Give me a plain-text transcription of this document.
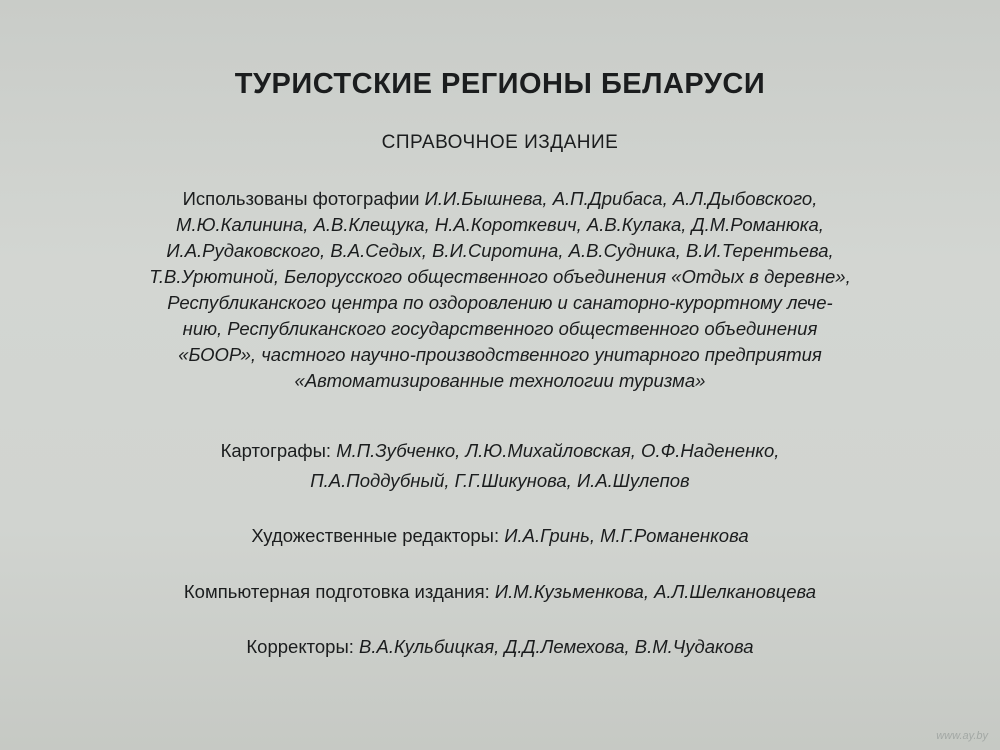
ТУРИСТСКИЕ РЕГИОНЫ БЕЛАРУСИ
СПРАВОЧНОЕ ИЗДАНИЕ
Использованы фотографии И.И.Бышнева, А.П.Дрибаса, А.Л.Дыбовского,
М.Ю.Калинина, А.В.Клещука, Н.А.Короткевич, А.В.Кулака, Д.М.Романюка,
И.А.Рудаковского, В.А.Седых, В.И.Сиротина, А.В.Судника, В.И.Терентьева,
Т.В.Урютиной, Белорусского общественного объединения «Отдых в деревне»,
Республиканского центра по оздоровлению и санаторно-курортному лече-
нию, Республиканского государственного общественного объединения
«БООР», частного научно-производственного унитарного предприятия
«Автоматизированные технологии туризма»
Картографы: М.П.Зубченко, Л.Ю.Михайловская, О.Ф.Надененко,
П.А.Поддубный, Г.Г.Шикунова, И.А.Шулепов
Художественные редакторы: И.А.Гринь, М.Г.Романенкова
Компьютерная подготовка издания: И.М.Кузьменкова, А.Л.Шелкановцева
Корректоры: В.А.Кульбицкая, Д.Д.Лемехова, В.М.Чудакова
www.ay.by
